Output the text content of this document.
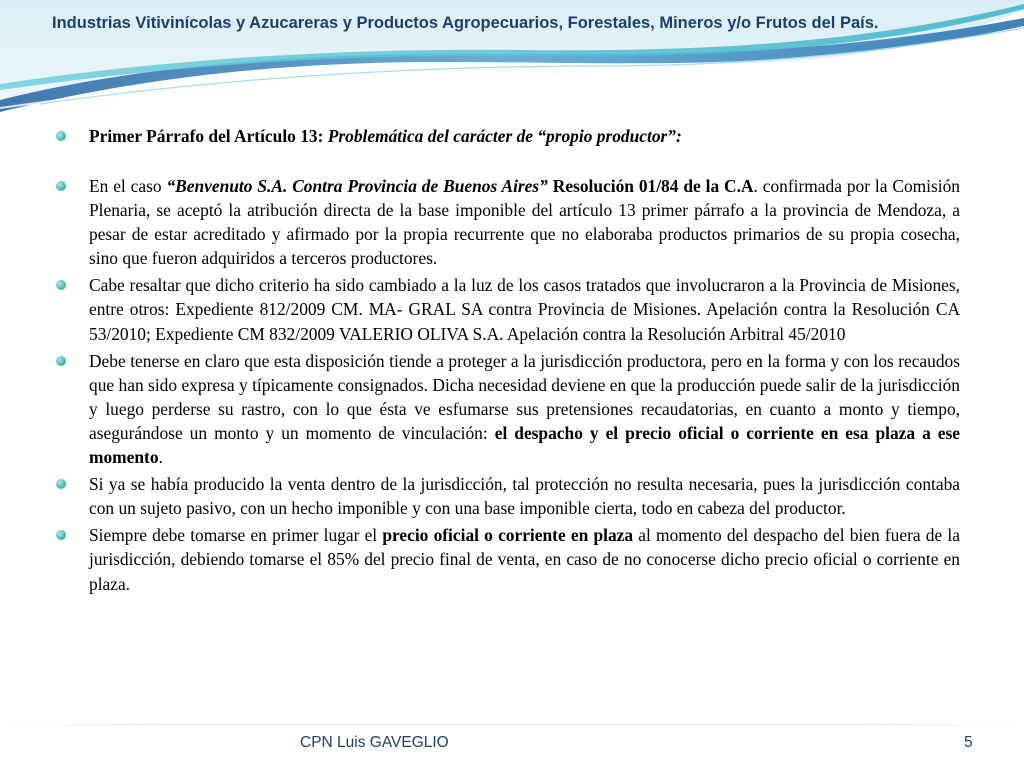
Industrias Vitivinícolas y Azucareras y Productos Agropecuarios, Forestales, Mineros y/o Frutos del País.
Primer Párrafo del Artículo 13: Problemática del carácter de “propio productor”:
En el caso “Benvenuto S.A. Contra Provincia de Buenos Aires” Resolución 01/84 de la C.A. confirmada por la Comisión Plenaria, se aceptó la atribución directa de la base imponible del artículo 13 primer párrafo a la provincia de Mendoza, a pesar de estar acreditado y afirmado por la propia recurrente que no elaboraba productos primarios de su propia cosecha, sino que fueron adquiridos a terceros productores.
Cabe resaltar que dicho criterio ha sido cambiado a la luz de los casos tratados que involucraron a la Provincia de Misiones, entre otros: Expediente 812/2009 CM. MA- GRAL SA contra Provincia de Misiones. Apelación contra la Resolución CA 53/2010; Expediente CM 832/2009 VALERIO OLIVA S.A. Apelación contra la Resolución Arbitral 45/2010
Debe tenerse en claro que esta disposición tiende a proteger a la jurisdicción productora, pero en la forma y con los recaudos que han sido expresa y típicamente consignados. Dicha necesidad deviene en que la producción puede salir de la jurisdicción y luego perderse su rastro, con lo que ésta ve esfumarse sus pretensiones recaudatorias, en cuanto a monto y tiempo, asegurándose un monto y un momento de vinculación: el despacho y el precio oficial o corriente en esa plaza a ese momento.
Si ya se había producido la venta dentro de la jurisdicción, tal protección no resulta necesaria, pues la jurisdicción contaba con un sujeto pasivo, con un hecho imponible y con una base imponible cierta, todo en cabeza del productor.
Siempre debe tomarse en primer lugar el precio oficial o corriente en plaza al momento del despacho del bien fuera de la jurisdicción, debiendo tomarse el 85% del precio final de venta, en caso de no conocerse dicho precio oficial o corriente en plaza.
CPN Luis GAVEGLIO	5
